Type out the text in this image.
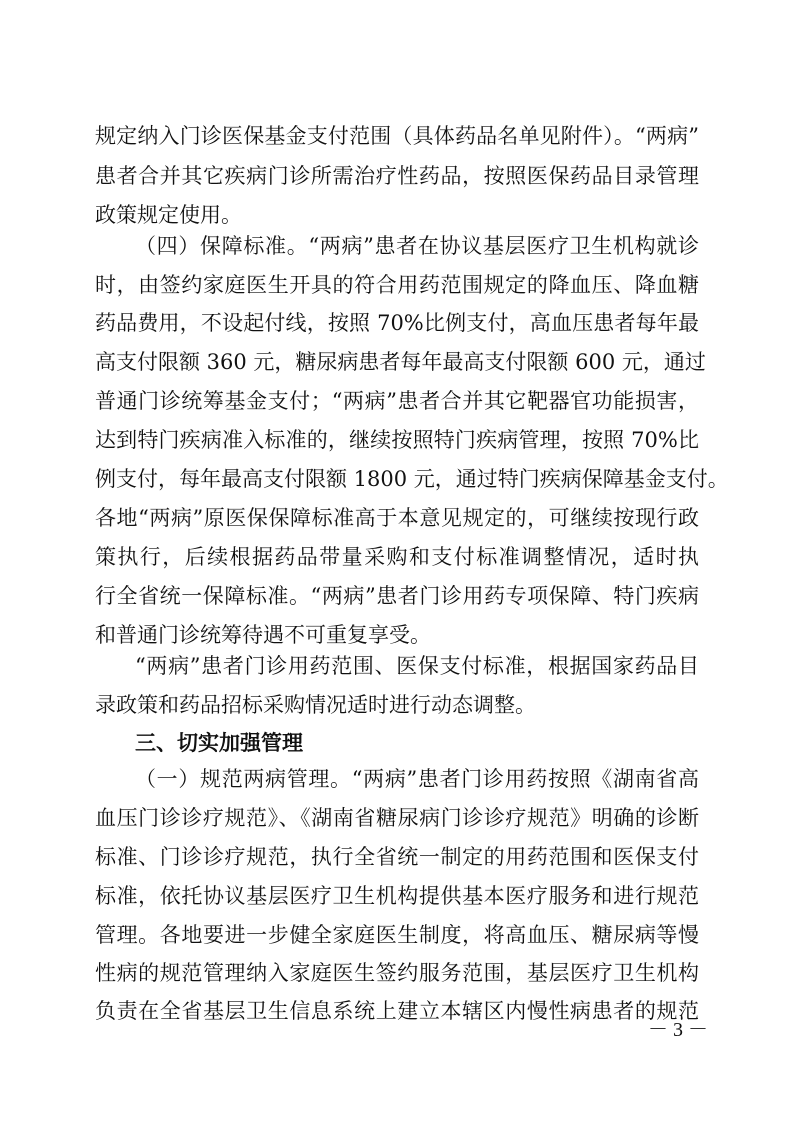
规定纳入门诊医保基金支付范围（具体药品名单见附件）。“两病”
患者合并其它疾病门诊所需治疗性药品，按照医保药品目录管理
政策规定使用。
（四）保障标准。“两病”患者在协议基层医疗卫生机构就诊
时，由签约家庭医生开具的符合用药范围规定的降血压、降血糖
药品费用，不设起付线，按照 70%比例支付，高血压患者每年最
高支付限额 360 元，糖尿病患者每年最高支付限额 600 元，通过
普通门诊统筹基金支付；“两病”患者合并其它靶器官功能损害，
达到特门疾病准入标准的，继续按照特门疾病管理，按照 70%比
例支付，每年最高支付限额 1800 元，通过特门疾病保障基金支付。
各地“两病”原医保保障标准高于本意见规定的，可继续按现行政
策执行，后续根据药品带量采购和支付标准调整情况，适时执
行全省统一保障标准。“两病”患者门诊用药专项保障、特门疾病
和普通门诊统筹待遇不可重复享受。
“两病”患者门诊用药范围、医保支付标准，根据国家药品目
录政策和药品招标采购情况适时进行动态调整。
三、切实加强管理
（一）规范两病管理。“两病”患者门诊用药按照《湖南省高
血压门诊诊疗规范》、《湖南省糖尿病门诊诊疗规范》明确的诊断
标准、门诊诊疗规范，执行全省统一制定的用药范围和医保支付
标准，依托协议基层医疗卫生机构提供基本医疗服务和进行规范
管理。各地要进一步健全家庭医生制度，将高血压、糖尿病等慢
性病的规范管理纳入家庭医生签约服务范围，基层医疗卫生机构
负责在全省基层卫生信息系统上建立本辖区内慢性病患者的规范
－ 3 －
